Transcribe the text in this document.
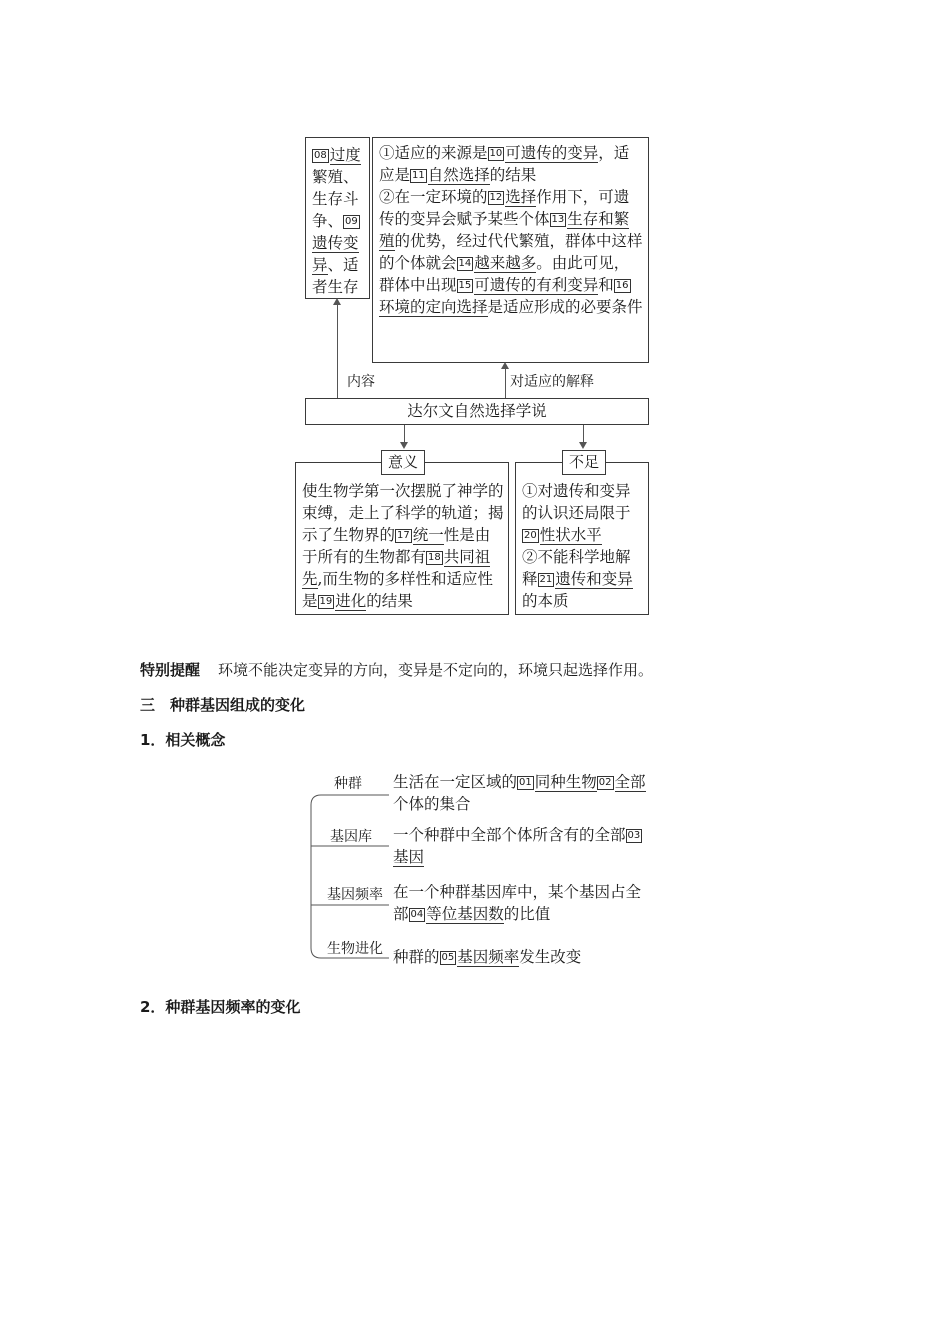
08 过度繁殖、生存斗争、 09遗传变异、适者生存
①适应的来源是 10 可遗传的变异，适应是 11 自然选择的结果
②在一定环境的 12 选择作用下，可遗传的变异会赋予某些个体 13 生存和繁殖的优势，经过代代繁殖，群体中这样的个体就会 14 越来越多。由此可见，群体中出现 15 可遗传的有利变异和 16环境的定向选择是适应形成的必要条件
内容	对适应的解释
达尔文自然选择学说
使生物学第一次摆脱了神学的束缚，走上了科学的轨道；揭示了生物界的 17 统一性是由于所有的生物都有 18 共同祖先,而生物的多样性和适应性是 19 进化的结果
意义
①对遗传和变异的认识还局限于20 性状水平
②不能科学地解释 21 遗传和变异的本质
不足
特别提醒 环境不能决定变异的方向，变异是不定向的，环境只起选择作用。
三　种群基因组成的变化
1．相关概念
种群
基因库
基因频率
生物进化
生活在一定区域的 01 同种生物 02 全部个体的集合
一个种群中全部个体所含有的全部 03基因
在一个种群基因库中，某个基因占全部 04 等位基因数的比值
种群的 05 基因频率发生改变
2．种群基因频率的变化
